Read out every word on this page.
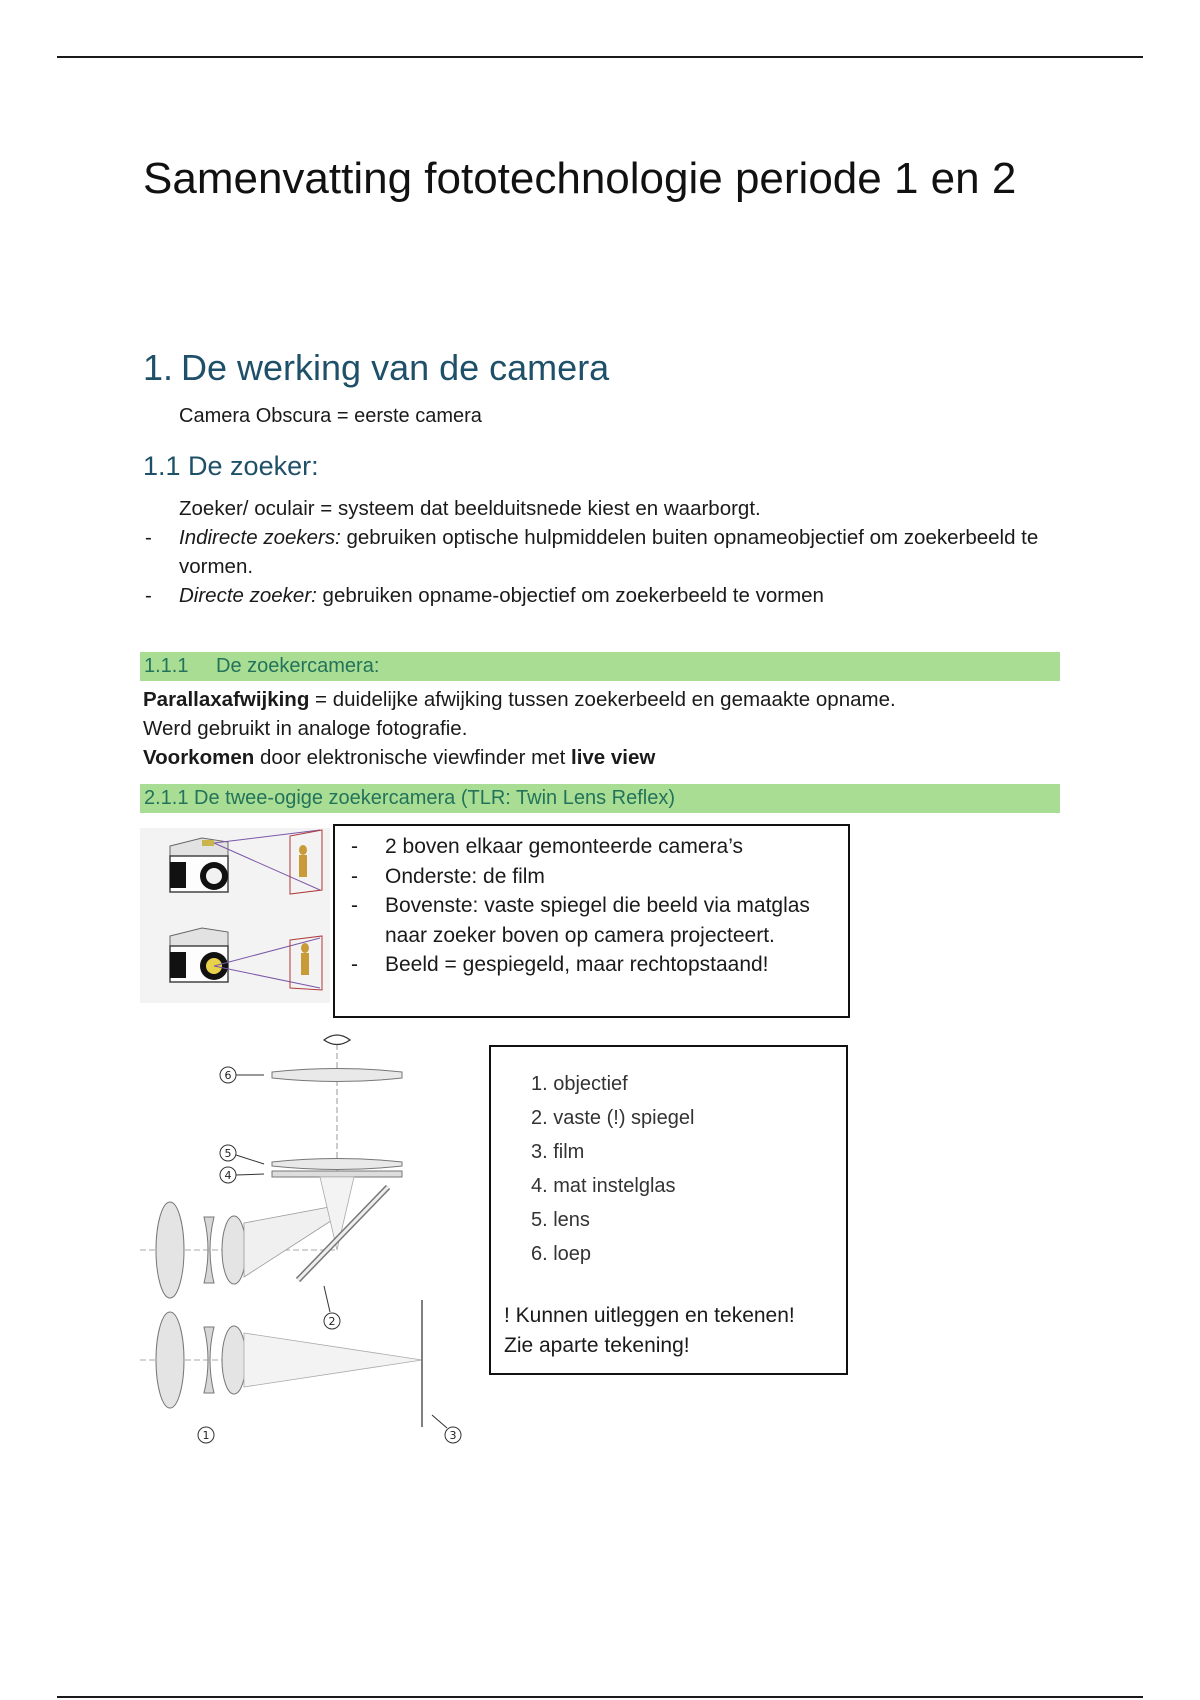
Samenvatting fototechnologie periode 1 en 2
1. De werking van de camera

Camera Obscura = eerste camera

1.1 De zoeker:

Zoeker/ oculair = systeem dat beelduitsnede kiest en waarborgt.

- Indirecte zoekers: gebruiken optische hulpmiddelen buiten opnameobjectief om zoekerbeeld te vormen.
- Directe zoeker: gebruiken opname-objectief om zoekerbeeld te vormen
1.1.1 De zoekercamera:
Parallaxafwijking = duidelijke afwijking tussen zoekerbeeld en gemaakte opname.
Werd gebruikt in analoge fotografie.
Voorkomen door elektronische viewfinder met live view
2.1.1 De twee-ogige zoekercamera (TLR: Twin Lens Reflex)
- 2 boven elkaar gemonteerde camera’s
- Onderste: de film
- Bovenste: vaste spiegel die beeld via matglas naar zoeker boven op camera projecteert.
- Beeld = gespiegeld, maar rechtopstaand!
6
5
4
2
1	3
1. objectief
2. vaste (!) spiegel
3. film
4. mat instelglas
5. lens
6. loep

! Kunnen uitleggen en tekenen!
Zie aparte tekening!
